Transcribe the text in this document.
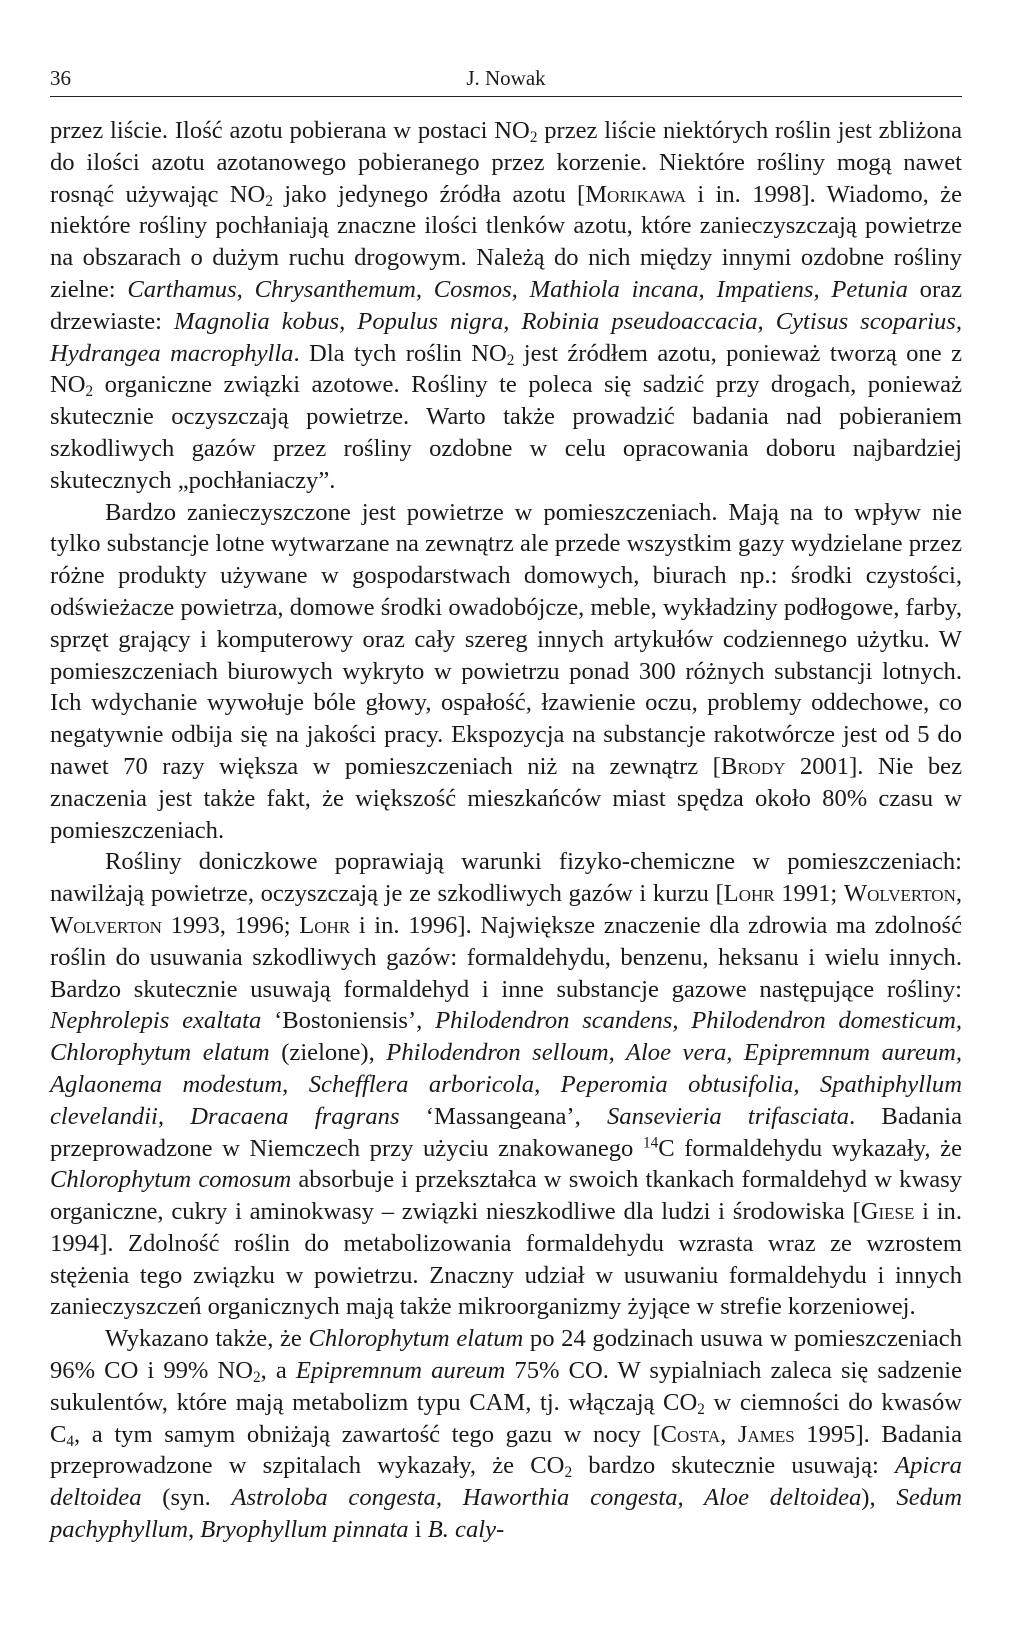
36	J. Nowak

przez liście. Ilość azotu pobierana w postaci $NO_2$ przez liście niektórych roślin jest zbliżona do ilości azotu azotanowego pobieranego przez korzenie. Niektóre rośliny mogą nawet rosnąć używając $NO_2$ jako jedynego źródła azotu [Morikawa i in. 1998]. Wiadomo, że niektóre rośliny pochłaniają znaczne ilości tlenków azotu, które zanieczyszczają powietrze na obszarach o dużym ruchu drogowym. Należą do nich między innymi ozdobne rośliny zielne: Carthamus, Chrysanthemum, Cosmos, Mathiola incana, Impatiens, Petunia oraz drzewiaste: Magnolia kobus, Populus nigra, Robinia pseudoaccacia, Cytisus scoparius, Hydrangea macrophylla. Dla tych roślin $NO_2$ jest źródłem azotu, ponieważ tworzą one z $NO_2$ organiczne związki azotowe. Rośliny te poleca się sadzić przy drogach, ponieważ skutecznie oczyszczają powietrze. Warto także prowadzić badania nad pobieraniem szkodliwych gazów przez rośliny ozdobne w celu opracowania doboru najbardziej skutecznych „pochłaniaczy”.

Bardzo zanieczyszczone jest powietrze w pomieszczeniach. Mają na to wpływ nie tylko substancje lotne wytwarzane na zewnątrz ale przede wszystkim gazy wydzielane przez różne produkty używane w gospodarstwach domowych, biurach np.: środki czystości, odświeżacze powietrza, domowe środki owadobójcze, meble, wykładziny podłogowe, farby, sprzęt grający i komputerowy oraz cały szereg innych artykułów codziennego użytku. W pomieszczeniach biurowych wykryto w powietrzu ponad 300 różnych substancji lotnych. Ich wdychanie wywołuje bóle głowy, ospałość, łzawienie oczu, problemy oddechowe, co negatywnie odbija się na jakości pracy. Ekspozycja na substancje rakotwórcze jest od 5 do nawet 70 razy większa w pomieszczeniach niż na zewnątrz [Brody 2001]. Nie bez znaczenia jest także fakt, że większość mieszkańców miast spędza około 80% czasu w pomieszczeniach.

Rośliny doniczkowe poprawiają warunki fizyko-chemiczne w pomieszczeniach: nawilżają powietrze, oczyszczają je ze szkodliwych gazów i kurzu [Lohr 1991; Wolverton, Wolverton 1993, 1996; Lohr i in. 1996]. Największe znaczenie dla zdrowia ma zdolność roślin do usuwania szkodliwych gazów: formaldehydu, benzenu, heksanu i wielu innych. Bardzo skutecznie usuwają formaldehyd i inne substancje gazowe następujące rośliny: Nephrolepis exaltata ‘Bostoniensis’, Philodendron scandens, Philodendron domesticum, Chlorophytum elatum (zielone), Philodendron selloum, Aloe vera, Epipremnum aureum, Aglaonema modestum, Schefflera arboricola, Peperomia obtusifolia, Spathiphyllum clevelandii, Dracaena fragrans ‘Massangeana’, Sansevieria trifasciata. Badania przeprowadzone w Niemczech przy użyciu znakowanego $^{14}$C formaldehydu wykazały, że Chlorophytum comosum absorbuje i przekształca w swoich tkankach formaldehyd w kwasy organiczne, cukry i aminokwasy – związki nieszkodliwe dla ludzi i środowiska [Giese i in. 1994]. Zdolność roślin do metabolizowania formaldehydu wzrasta wraz ze wzrostem stężenia tego związku w powietrzu. Znaczny udział w usuwaniu formaldehydu i innych zanieczyszczeń organicznych mają także mikroorganizmy żyjące w strefie korzeniowej.

Wykazano także, że Chlorophytum elatum po 24 godzinach usuwa w pomieszczeniach 96% CO i 99% $NO_2$, a Epipremnum aureum 75% CO. W sypialniach zaleca się sadzenie sukulentów, które mają metabolizm typu CAM, tj. włączają $CO_2$ w ciemności do kwasów $C_4$, a tym samym obniżają zawartość tego gazu w nocy [Costa, James 1995]. Badania przeprowadzone w szpitalach wykazały, że $CO_2$ bardzo skutecznie usuwają: Apicra deltoidea (syn. Astroloba congesta, Haworthia congesta, Aloe deltoidea), Sedum pachyphyllum, Bryophyllum pinnata i B. caly-
